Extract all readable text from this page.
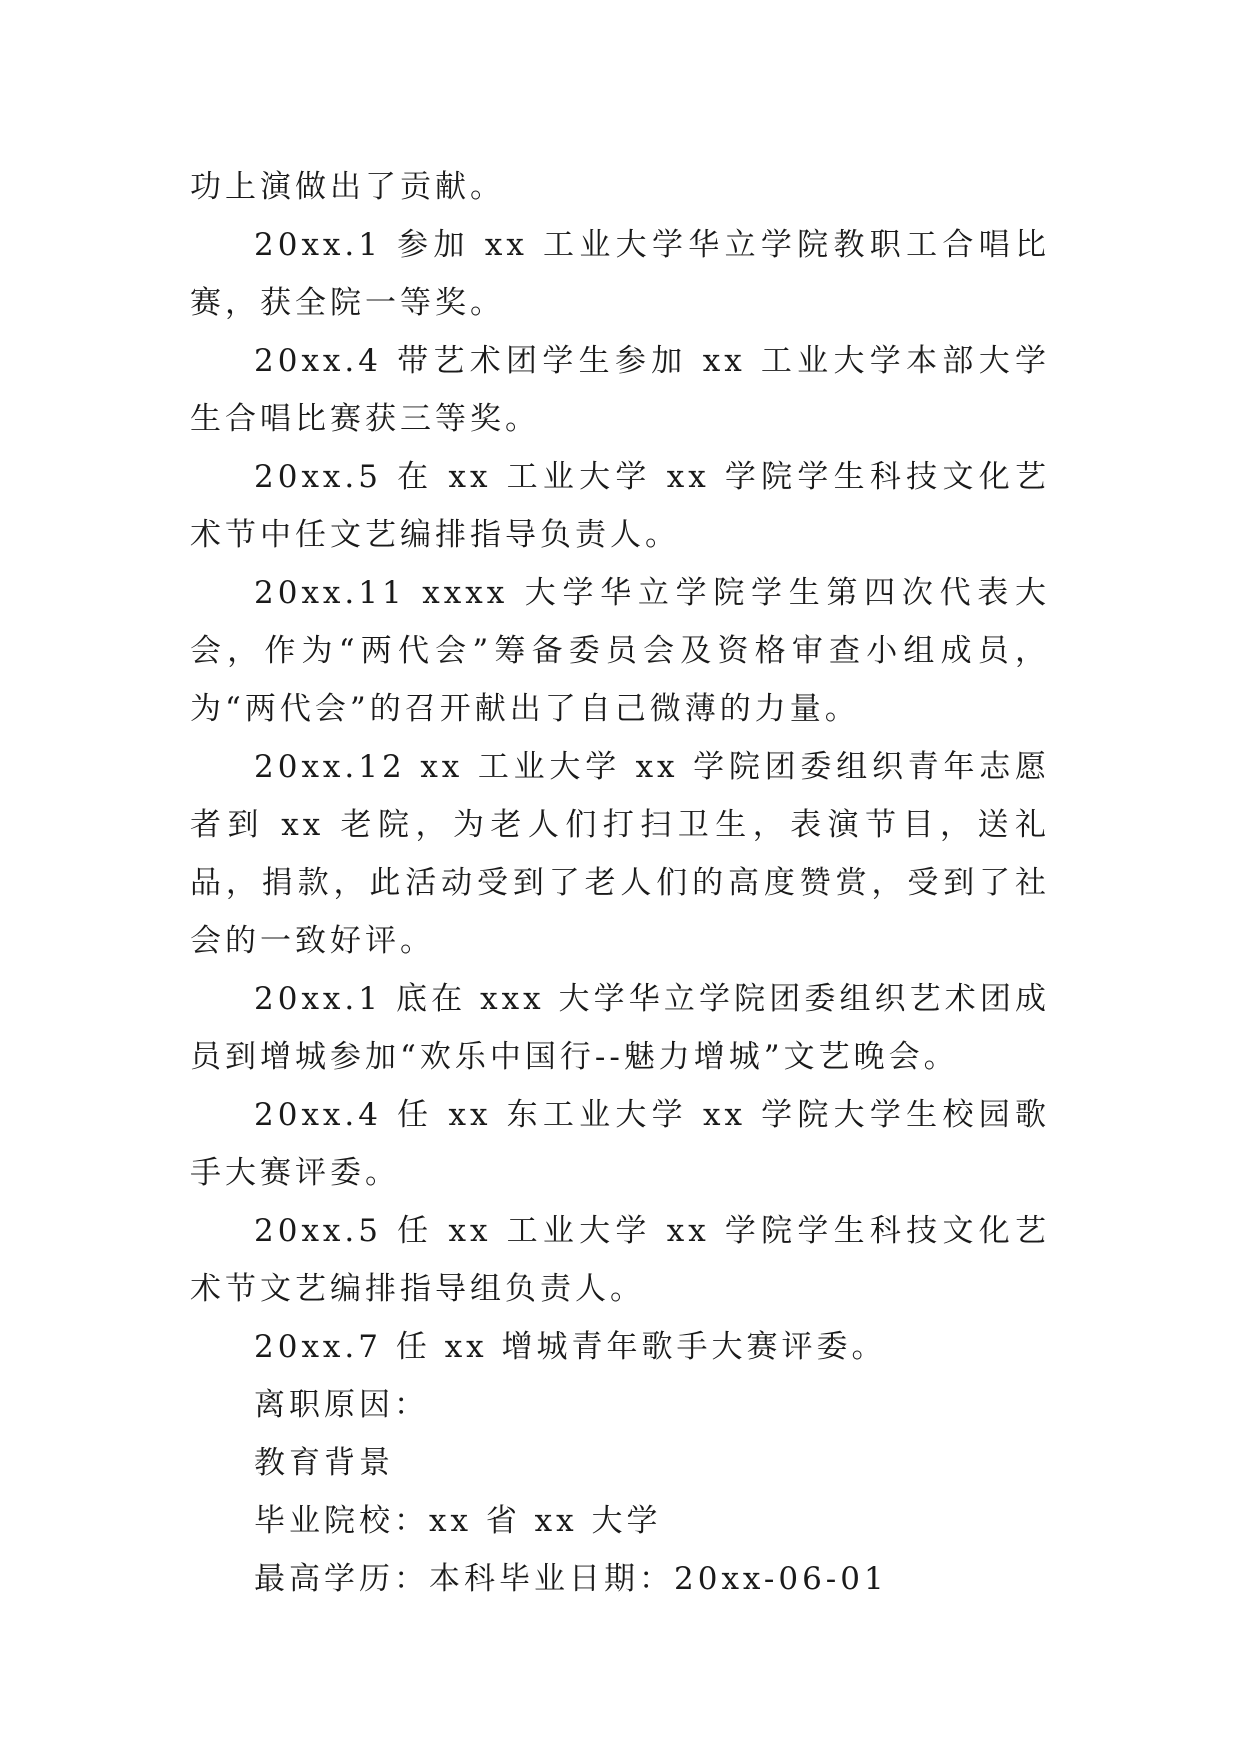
功上演做出了贡献。

20xx.1 参加 xx 工业大学华立学院教职工合唱比赛，获全院一等奖。

20xx.4 带艺术团学生参加 xx 工业大学本部大学生合唱比赛获三等奖。

20xx.5 在 xx 工业大学 xx 学院学生科技文化艺术节中任文艺编排指导负责人。

20xx.11 xxxx 大学华立学院学生第四次代表大会，作为“两代会”筹备委员会及资格审查小组成员，为“两代会”的召开献出了自己微薄的力量。

20xx.12 xx 工业大学 xx 学院团委组织青年志愿者到 xx 老院，为老人们打扫卫生，表演节目，送礼品，捐款，此活动受到了老人们的高度赞赏，受到了社会的一致好评。

20xx.1 底在 xxx 大学华立学院团委组织艺术团成员到增城参加“欢乐中国行--魅力增城”文艺晚会。

20xx.4 任 xx 东工业大学 xx 学院大学生校园歌手大赛评委。

20xx.5 任 xx 工业大学 xx 学院学生科技文化艺术节文艺编排指导组负责人。

20xx.7 任 xx 增城青年歌手大赛评委。

离职原因：

教育背景

毕业院校：xx 省 xx 大学

最高学历：本科毕业日期：20xx-06-01
